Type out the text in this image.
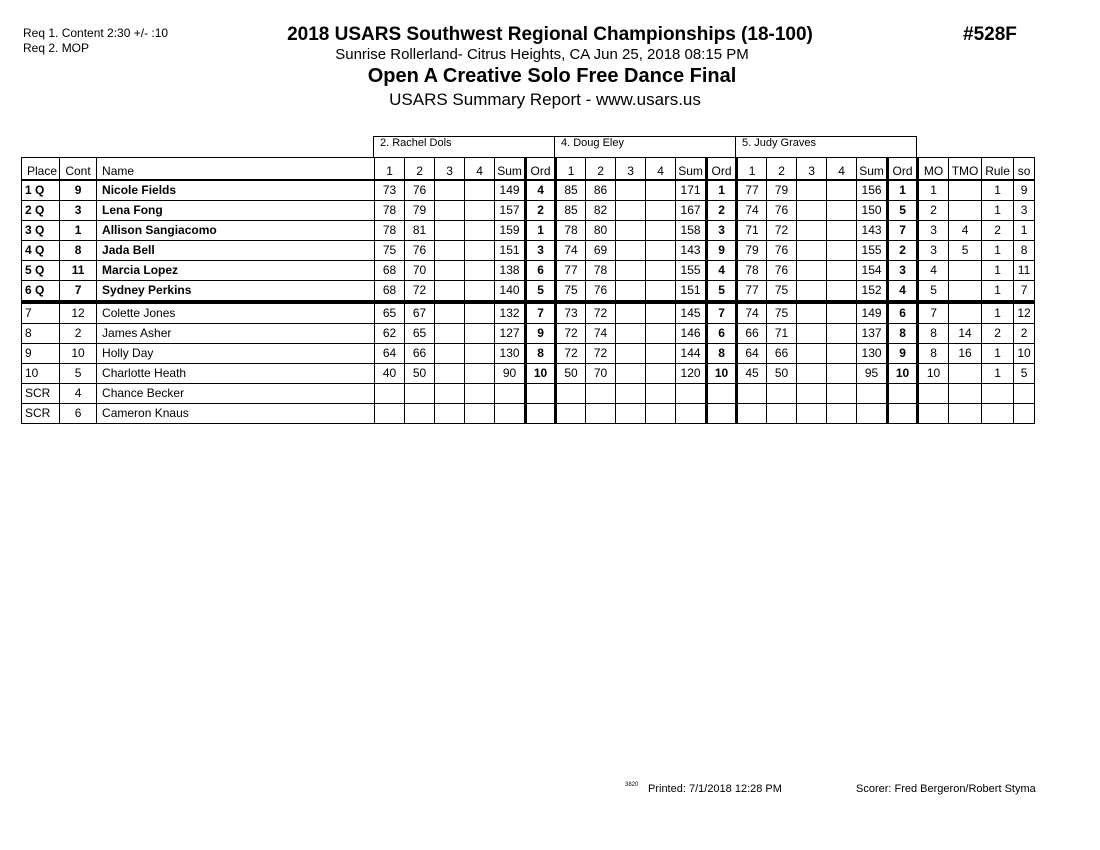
Req 1. Content 2:30 +/- :10
Req 2. MOP
2018 USARS Southwest Regional Championships (18-100)	#528F
Sunrise Rollerland- Citrus Heights, CA Jun 25, 2018 08:15 PM
Open A Creative Solo Free Dance Final
USARS Summary Report - www.usars.us
2. Rachel Dols	4. Doug Eley	5. Judy Graves
Place	Cont	Name	1	2	3	4	Sum	Ord	1	2	3	4	Sum	Ord	1	2	3	4	Sum	Ord	MO	TMO	Rule	so
1 Q	9	Nicole Fields	73	76			149	4	85	86			171	1	77	79			156	1	1		1	9
2 Q	3	Lena Fong	78	79			157	2	85	82			167	2	74	76			150	5	2		1	3
3 Q	1	Allison Sangiacomo	78	81			159	1	78	80			158	3	71	72			143	7	3	4	2	1
4 Q	8	Jada Bell	75	76			151	3	74	69			143	9	79	76			155	2	3	5	1	8
5 Q	11	Marcia Lopez	68	70			138	6	77	78			155	4	78	76			154	3	4		1	11
6 Q	7	Sydney Perkins	68	72			140	5	75	76			151	5	77	75			152	4	5		1	7
7	12	Colette Jones	65	67			132	7	73	72			145	7	74	75			149	6	7		1	12
8	2	James Asher	62	65			127	9	72	74			146	6	66	71			137	8	8	14	2	2
9	10	Holly Day	64	66			130	8	72	72			144	8	64	66			130	9	8	16	1	10
10	5	Charlotte Heath	40	50			90	10	50	70			120	10	45	50			95	10	10		1	5
SCR	4	Chance Becker																						
SCR	6	Cameron Knaus																						
3820 Printed: 7/1/2018 12:28 PM	Scorer: Fred Bergeron/Robert Styma
